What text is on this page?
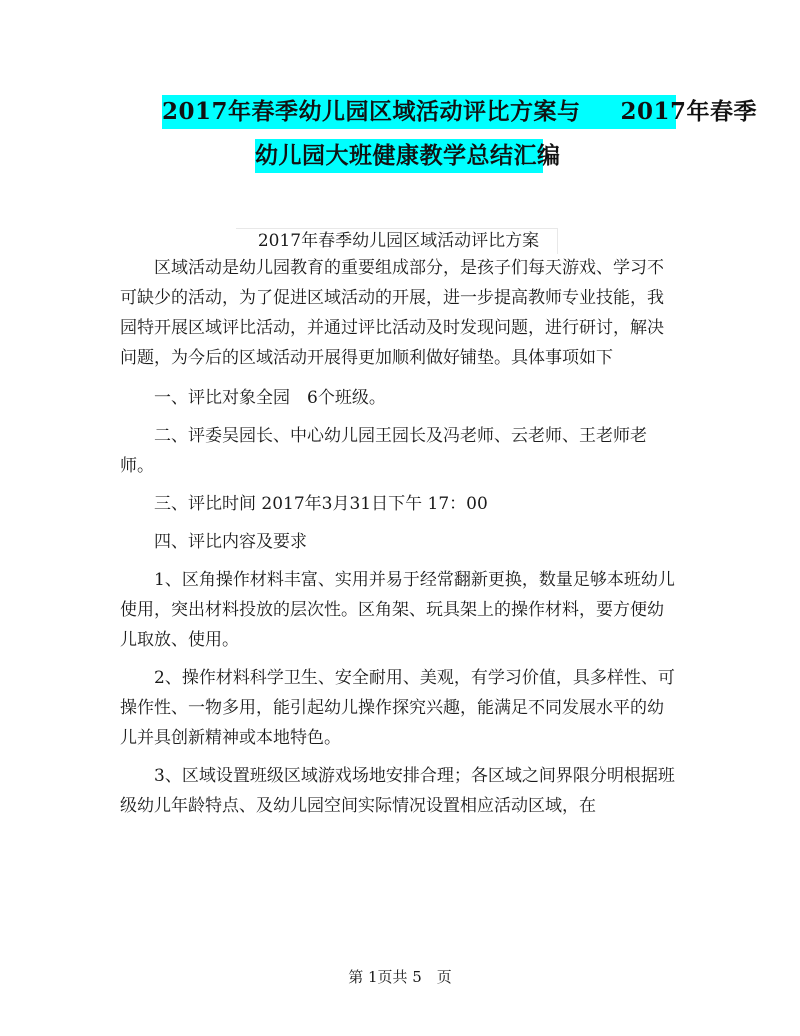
2017年春季幼儿园区域活动评比方案与 2017年春季
幼儿园大班健康教学总结汇编
2017年春季幼儿园区域活动评比方案

区域活动是幼儿园教育的重要组成部分，是孩子们每天游戏、学习不可缺少的活动，为了促进区域活动的开展，进一步提高教师专业技能，我园特开展区域评比活动，并通过评比活动及时发现问题，进行研讨，解决问题，为今后的区域活动开展得更加顺利做好铺垫。具体事项如下

一、评比对象全园　6个班级。

二、评委吴园长、中心幼儿园王园长及冯老师、云老师、王老师老师。

三、评比时间 2017年3月31日下午 17：00

四、评比内容及要求

1、区角操作材料丰富、实用并易于经常翻新更换，数量足够本班幼儿使用，突出材料投放的层次性。区角架、玩具架上的操作材料，要方便幼儿取放、使用。

2、操作材料科学卫生、安全耐用、美观，有学习价值，具多样性、可操作性、一物多用，能引起幼儿操作探究兴趣，能满足不同发展水平的幼儿并具创新精神或本地特色。

3、区域设置班级区域游戏场地安排合理；各区域之间界限分明根据班级幼儿年龄特点、及幼儿园空间实际情况设置相应活动区域，在

第 1页共 5　页
